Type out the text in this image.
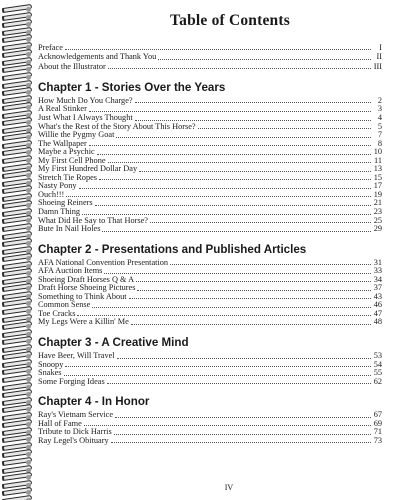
Table of Contents
Preface	I
Acknowledgements and Thank You	II
About the Illustrator	III
Chapter 1 - Stories Over the Years
How Much Do You Charge?	2
A Real Stinker	3
Just What I Always Thought	4
What's the Rest of the Story About This Horse?	5
Willie the Pygmy Goat	7
The Wallpaper	8
Maybe a Psychic	10
My First Cell Phone	11
My First Hundred Dollar Day	13
Stretch Tie Ropes	15
Nasty Pony	17
Ouch!!!	19
Shoeing Reiners	21
Damn Thing	23
What Did He Say to That Horse?	25
Bute In Nail Holes	29
Chapter 2 - Presentations and Published Articles
AFA National Convention Presentation	31
AFA Auction Items	33
Shoeing Draft Horses Q & A	34
Draft Horse Shoeing Pictures	37
Something to Think About	43
Common Sense	46
Toe Cracks	47
My Legs Were a Killin' Me	48
Chapter 3 - A Creative Mind
Have Beer, Will Travel	53
Snoopy	54
Snakes	55
Some Forging Ideas	62
Chapter 4 - In Honor
Ray's Vietnam Service	67
Hall of Fame	69
Tribute to Dick Harris	71
Ray Legel's Obituary	73
IV
